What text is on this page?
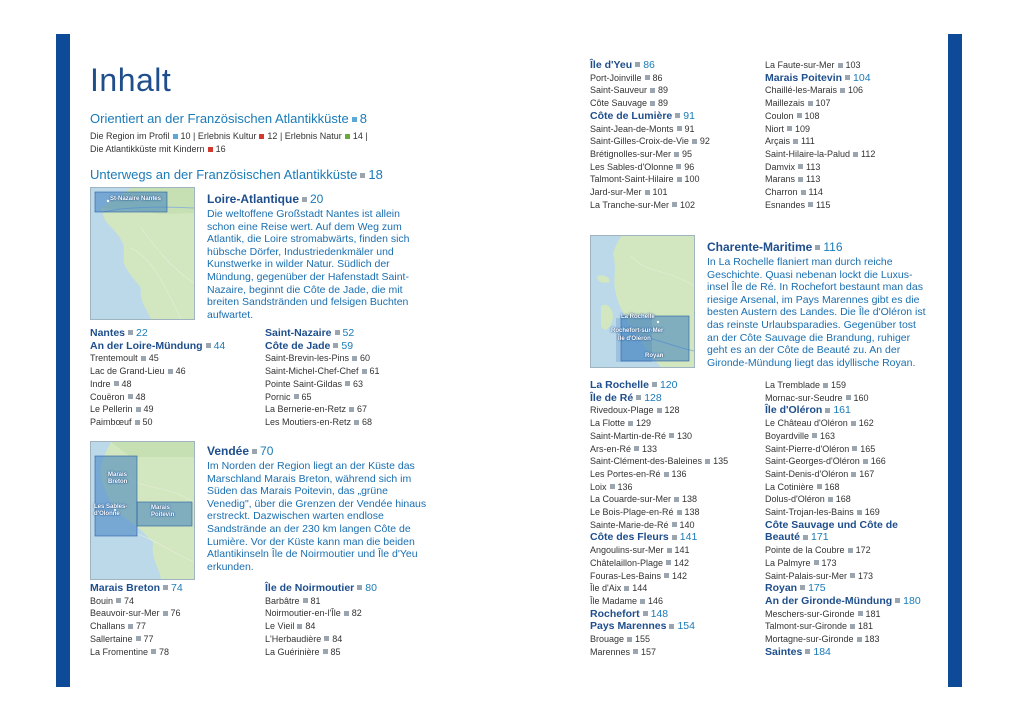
Inhalt
Orientiert an der Französischen Atlantikküste 8
Die Region im Profil 10 | Erlebnis Kultur 12 | Erlebnis Natur 14 |
Die Atlantikküste mit Kindern 16
Unterwegs an der Französischen Atlantikküste 18
St-Nazaire Nantes	Loire-Atlantique 20
Die weltoffene Großstadt Nantes ist allein schon eine Reise wert. Auf dem Weg zum Atlantik, die Loire stromabwärts, finden sich hübsche Dörfer, Industriedenkmäler und Kunstwerke in wilder Natur. Südlich der Mündung, gegenüber der Hafenstadt Saint-Nazaire, beginnt die Côte de Jade, die mit breiten Sandstränden und felsigen Buchten aufwartet.
Nantes 22
An der Loire-Mündung 44
Trentemoult 45
Lac de Grand-Lieu 46
Indre 48
Couëron 48
Le Pellerin 49
Paimbœuf 50
Saint-Nazaire 52
Côte de Jade 59
Saint-Brevin-les-Pins 60
Saint-Michel-Chef-Chef 61
Pointe Saint-Gildas 63
Pornic 65
La Bernerie-en-Retz 67
Les Moutiers-en-Retz 68
Marais Breton
Les Sables-d'Olonne
Marais Poitevin
Vendée 70
Im Norden der Region liegt an der Küste das Marschland Marais Breton, während sich im Süden das Marais Poitevin, das „grüne Venedig", über die Grenzen der Vendée hinaus erstreckt. Dazwischen warten endlose Sandstrände an der 230 km langen Côte de Lumière. Vor der Küste kann man die beiden Atlantikinseln Île de Noirmoutier und Île d'Yeu erkunden.
Marais Breton 74
Bouin 74
Beauvoir-sur-Mer 76
Challans 77
Sallertaine 77
La Fromentine 78
Île de Noirmoutier 80
Barbâtre 81
Noirmoutier-en-l'Île 82
Le Vieil 84
L'Herbaudière 84
La Guérinière 85
Île d'Yeu 86
Port-Joinville 86
Saint-Sauveur 89
Côte Sauvage 89
Côte de Lumière 91
Saint-Jean-de-Monts 91
Saint-Gilles-Croix-de-Vie 92
Brétignolles-sur-Mer 95
Les Sables-d'Olonne 96
Talmont-Saint-Hilaire 100
Jard-sur-Mer 101
La Tranche-sur-Mer 102
La Faute-sur-Mer 103
Marais Poitevin 104
Chaillé-les-Marais 106
Maillezais 107
Coulon 108
Niort 109
Arçais 111
Saint-Hilaire-la-Palud 112
Damvix 113
Marans 113
Charron 114
Esnandes 115
La Rochelle
Rochefort-sur-Mer
Île d'Oléron
Royan
Charente-Maritime 116
In La Rochelle flaniert man durch reiche Geschichte. Quasi nebenan lockt die Luxus-insel Île de Ré. In Rochefort bestaunt man das riesige Arsenal, im Pays Marennes gibt es die besten Austern des Landes. Die Île d'Oléron ist das reinste Urlaubsparadies. Gegenüber tost an der Côte Sauvage die Brandung, ruhiger geht es an der Côte de Beauté zu. An der Gironde-Mündung liegt das idyllische Royan.
La Rochelle 120
Île de Ré 128
Rivedoux-Plage 128
La Flotte 129
Saint-Martin-de-Ré 130
Ars-en-Ré 133
Saint-Clément-des-Baleines 135
Les Portes-en-Ré 136
Loix 136
La Couarde-sur-Mer 138
Le Bois-Plage-en-Ré 138
Sainte-Marie-de-Ré 140
Côte des Fleurs 141
Angoulins-sur-Mer 141
Châtelaillon-Plage 142
Fouras-Les-Bains 142
Île d'Aix 144
Île Madame 146
Rochefort 148
Pays Marennes 154
Brouage 155
Marennes 157
La Tremblade 159
Mornac-sur-Seudre 160
Île d'Oléron 161
Le Château d'Oléron 162
Boyardville 163
Saint-Pierre-d'Oléron 165
Saint-Georges-d'Oléron 166
Saint-Denis-d'Oléron 167
La Cotinière 168
Dolus-d'Oléron 168
Saint-Trojan-les-Bains 169
Côte Sauvage und Côte de
Beauté 171
Pointe de la Coubre 172
La Palmyre 173
Saint-Palais-sur-Mer 173
Royan 175
An der Gironde-Mündung 180
Meschers-sur-Gironde 181
Talmont-sur-Gironde 181
Mortagne-sur-Gironde 183
Saintes 184
